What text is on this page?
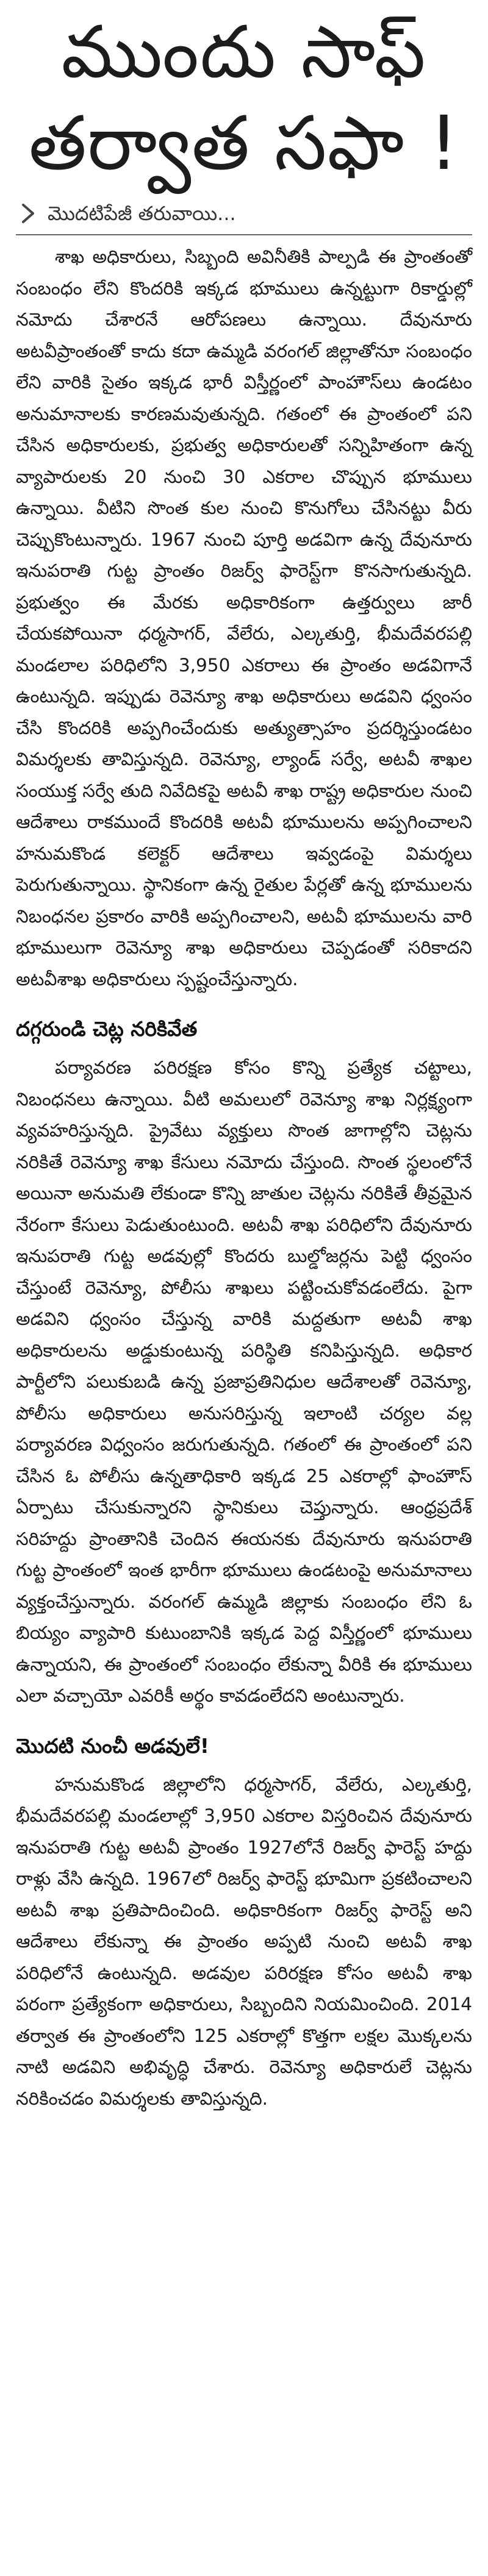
ముందు సాఫ్
తర్వాత సఫా !
మొదటిపేజీ తరువాయి...

శాఖ అధికారులు, సిబ్బంది అవినీతికి పాల్పడి ఈ ప్రాంతంతో సంబంధం లేని కొందరికి ఇక్కడ భూములు ఉన్నట్టుగా రికార్డుల్లో నమోదు చేశారనే ఆరోపణలు ఉన్నాయి. దేవునూరు అటవీప్రాంతంతో కాదు కదా ఉమ్మడి వరంగల్ జిల్లాతోనూ సంబంధం లేని వారికి సైతం ఇక్కడ భారీ విస్తీర్ణంలో పాంహౌస్‌లు ఉండటం అనుమానాలకు కారణమవుతున్నది. గతంలో ఈ ప్రాంతంలో పని చేసిన అధికారులకు, ప్రభుత్వ అధికారులతో సన్నిహితంగా ఉన్న వ్యాపారులకు 20 నుంచి 30 ఎకరాల చొప్పున భూములు ఉన్నాయి. వీటిని సొంత కుల నుంచి కొనుగోలు చేసినట్టు వీరు చెప్పుకొంటున్నారు. 1967 నుంచి పూర్తి అడవిగా ఉన్న దేవునూరు ఇనుపరాతి గుట్ట ప్రాంతం రిజర్వ్ ఫారెస్ట్‌గా కొనసాగుతున్నది. ప్రభుత్వం ఈ మేరకు అధికారికంగా ఉత్తర్వులు జారీ చేయకపోయినా ధర్మసాగర్, వేలేరు, ఎల్కతుర్తి, భీమదేవరపల్లి మండలాల పరిధిలోని 3,950 ఎకరాలు ఈ ప్రాంతం అడవిగానే ఉంటున్నది. ఇప్పుడు రెవెన్యూ శాఖ అధికారులు అడవిని ధ్వంసం చేసి కొందరికి అప్పగించేందుకు అత్యుత్సాహం ప్రదర్శిస్తుండటం విమర్శలకు తావిస్తున్నది. రెవెన్యూ, ల్యాండ్ సర్వే, అటవీ శాఖల సంయుక్త సర్వే తుది నివేదికపై అటవీ శాఖ రాష్ట్ర అధికారుల నుంచి ఆదేశాలు రాకముందే కొందరికి అటవీ భూములను అప్పగించాలని హనుమకొండ కలెక్టర్ ఆదేశాలు ఇవ్వడంపై విమర్శలు పెరుగుతున్నాయి. స్థానికంగా ఉన్న రైతుల పేర్లతో ఉన్న భూములను నిబంధనల ప్రకారం వారికి అప్పగించాలని, అటవీ భూములను వారి భూములుగా రెవెన్యూ శాఖ అధికారులు చెప్పడంతో సరికాదని అటవీశాఖ అధికారులు స్పష్టంచేస్తున్నారు.

దగ్గరుండి చెట్ల నరికివేత

పర్యావరణ పరిరక్షణ కోసం కొన్ని ప్రత్యేక చట్టాలు, నిబంధనలు ఉన్నాయి. వీటి అమలులో రెవెన్యూ శాఖ నిర్లక్ష్యంగా వ్యవహరిస్తున్నది. ప్రైవేటు వ్యక్తులు సొంత జాగాల్లోని చెట్లను నరికితే రెవెన్యూ శాఖ కేసులు నమోదు చేస్తుంది. సొంత స్థలంలోనే అయినా అనుమతి లేకుండా కొన్ని జాతుల చెట్లను నరికితే తీవ్రమైన నేరంగా కేసులు పెడుతుంటుంది. అటవీ శాఖ పరిధిలోని దేవునూరు ఇనుపరాతి గుట్ట అడవుల్లో కొందరు బుల్డోజర్లను పెట్టి ధ్వంసం చేస్తుంటే రెవెన్యూ, పోలీసు శాఖలు పట్టించుకోవడంలేదు. పైగా అడవిని ధ్వంసం చేస్తున్న వారికి మద్దతుగా అటవీ శాఖ అధికారులను అడ్డుకుంటున్న పరిస్థితి కనిపిస్తున్నది. అధికార పార్టీలోని పలుకుబడి ఉన్న ప్రజాప్రతినిధుల ఆదేశాలతో రెవెన్యూ, పోలీసు అధికారులు అనుసరిస్తున్న ఇలాంటి చర్యల వల్ల పర్యావరణ విధ్వంసం జరుగుతున్నది. గతంలో ఈ ప్రాంతంలో పని చేసిన ఓ పోలీసు ఉన్నతాధికారి ఇక్కడ 25 ఎకరాల్లో ఫాంహౌస్ ఏర్పాటు చేసుకున్నారని స్థానికులు చెప్తున్నారు. ఆంధ్రప్రదేశ్ సరిహద్దు ప్రాంతానికి చెందిన ఈయనకు దేవునూరు ఇనుపరాతి గుట్ట ప్రాంతంలో ఇంత భారీగా భూములు ఉండటంపై అనుమానాలు వ్యక్తంచేస్తున్నారు. వరంగల్ ఉమ్మడి జిల్లాకు సంబంధం లేని ఓ బియ్యం వ్యాపారి కుటుంబానికి ఇక్కడ పెద్ద విస్తీర్ణంలో భూములు ఉన్నాయని, ఈ ప్రాంతంలో సంబంధం లేకున్నా వీరికి ఈ భూములు ఎలా వచ్చాయో ఎవరికీ అర్థం కావడంలేదని అంటున్నారు.

మొదటి నుంచీ అడవులే!

హనుమకొండ జిల్లాలోని ధర్మసాగర్, వేలేరు, ఎల్కతుర్తి, భీమదేవరపల్లి మండలాల్లో 3,950 ఎకరాల విస్తరించిన దేవునూరు ఇనుపరాతి గుట్ట అటవీ ప్రాంతం 1927లోనే రిజర్వ్ ఫారెస్ట్ హద్దు రాళ్లు వేసి ఉన్నది. 1967లో రిజర్వ్ ఫారెస్ట్ భూమిగా ప్రకటించాలని అటవీ శాఖ ప్రతిపాదించింది. అధికారికంగా రిజర్వ్ ఫారెస్ట్ అని ఆదేశాలు లేకున్నా ఈ ప్రాంతం అప్పటి నుంచి అటవీ శాఖ పరిధిలోనే ఉంటున్నది. అడవుల పరిరక్షణ కోసం అటవీ శాఖ పరంగా ప్రత్యేకంగా అధికారులు, సిబ్బందిని నియమించింది. 2014 తర్వాత ఈ ప్రాంతంలోని 125 ఎకరాల్లో కొత్తగా లక్షల మొక్కలను నాటి అడవిని అభివృద్ధి చేశారు. రెవెన్యూ అధికారులే చెట్లను నరికించడం విమర్శలకు తావిస్తున్నది.
